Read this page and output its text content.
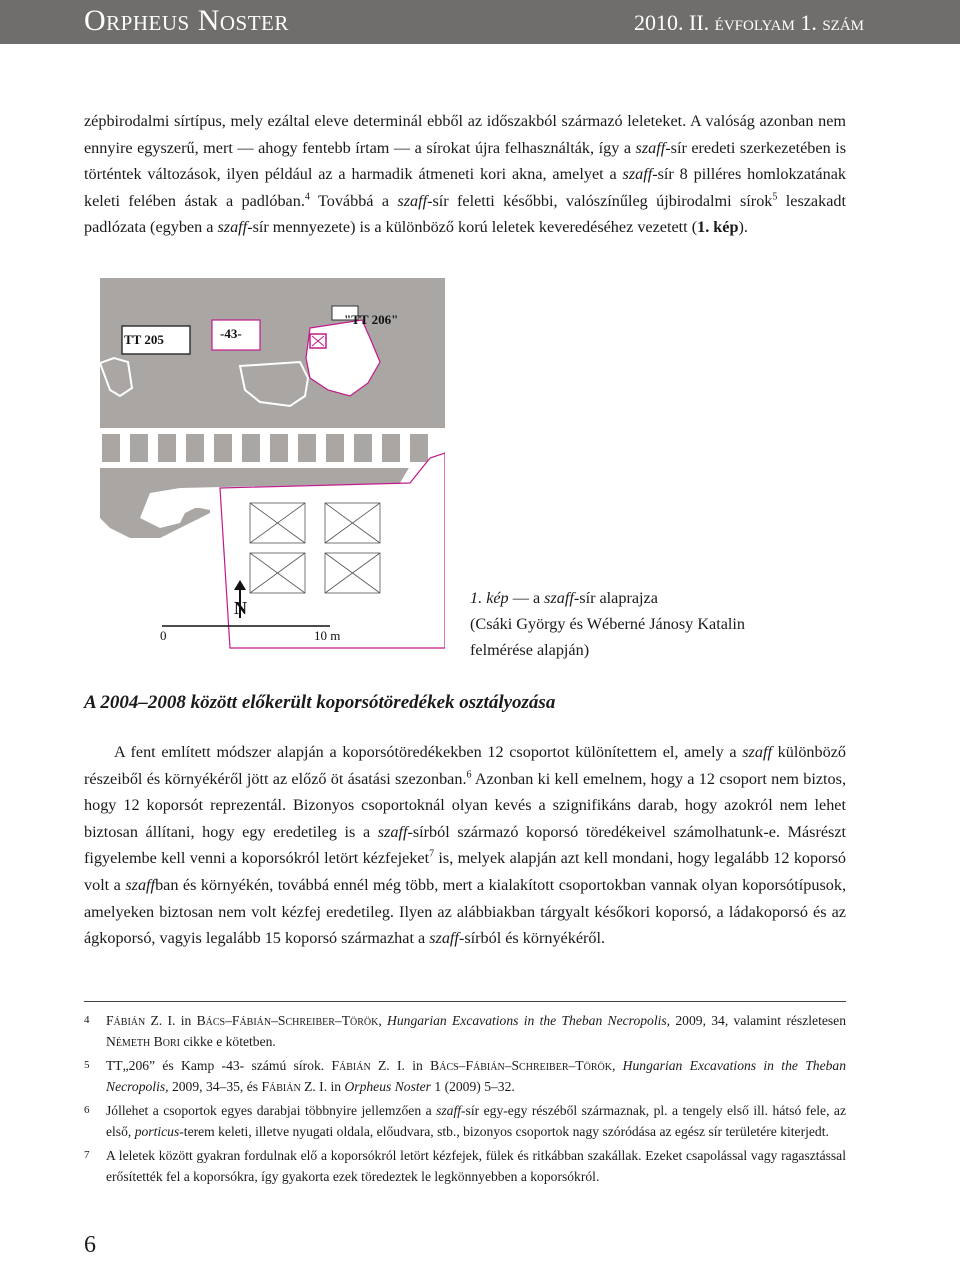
Orpheus Noster	2010. II. évfolyam 1. szám

zépbirodalmi sírtípus, mely ezáltal eleve determinál ebből az időszakból származó leleteket. A valóság azonban nem ennyire egyszerű, mert — ahogy fentebb írtam — a sírokat újra felhasználták, így a szaff-sír eredeti szerkezetében is történtek változások, ilyen például az a harmadik átmeneti kori akna, amelyet a szaff-sír 8 pilléres homlokzatának keleti felében ástak a padlóban.$^4$ Továbbá a szaff-sír feletti későbbi, valószínűleg újbirodalmi sírok$^5$ leszakadt padlózata (egyben a szaff-sír mennyezete) is a különböző korú leletek keveredéséhez vezetett (1. kép).

TT 205	-43-
"TT 206"
N
0	10 m
1. kép — a szaff-sír alaprajza
(Csáki György és Wéberné Jánosy Katalin
felmérése alapján)
A 2004–2008 között előkerült koporsótöredékek osztályozása

A fent említett módszer alapján a koporsótöredékekben 12 csoportot különítettem el, amely a szaff különböző részeiből és környékéről jött az előző öt ásatási szezonban.$^6$ Azonban ki kell emelnem, hogy a 12 csoport nem biztos, hogy 12 koporsót reprezentál. Bizonyos csoportoknál olyan kevés a szignifikáns darab, hogy azokról nem lehet biztosan állítani, hogy egy eredetileg is a szaff-sírból származó koporsó töredékeivel számolhatunk-e. Másrészt figyelembe kell venni a koporsókról letört kézfejeket$^7$ is, melyek alapján azt kell mondani, hogy legalább 12 koporsó volt a szaffban és környékén, továbbá ennél még több, mert a kialakított csoportokban vannak olyan koporsótípusok, amelyeken biztosan nem volt kézfej eredetileg. Ilyen az alábbiakban tárgyalt későkori koporsó, a ládakoporsó és az ágkoporsó, vagyis legalább 15 koporsó származhat a szaff-sírból és környékéről.

4 Fábián Z. I. in Bács–Fábián–Schreiber–Török, Hungarian Excavations in the Theban Necropolis, 2009, 34, valamint részletesen Németh Bori cikke e kötetben.

5 TT„206” és Kamp -43- számú sírok. Fábián Z. I. in Bács–Fábián–Schreiber–Török, Hungarian Excavations in the Theban Necropolis, 2009, 34–35, és Fábián Z. I. in Orpheus Noster 1 (2009) 5–32.

6 Jóllehet a csoportok egyes darabjai többnyire jellemzően a szaff-sír egy-egy részéből származnak, pl. a tengely első ill. hátsó fele, az első, porticus-terem keleti, illetve nyugati oldala, előudvara, stb., bizonyos csoportok nagy szóródása az egész sír területére kiterjedt.

7 A leletek között gyakran fordulnak elő a koporsókról letört kézfejek, fülek és ritkábban szakállak. Ezeket csapolással vagy ragasztással erősítették fel a koporsókra, így gyakorta ezek töredeztek le legkönnyebben a koporsókról.

6
